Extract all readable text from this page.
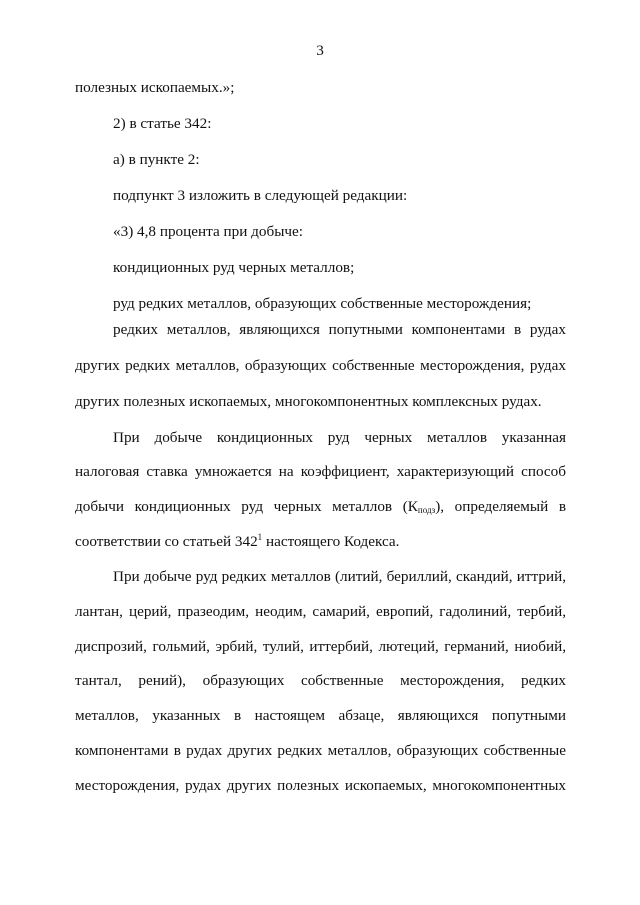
3
полезных ископаемых.»;
2) в статье 342:
а) в пункте 2:
подпункт 3 изложить в следующей редакции:
«3) 4,8 процента при добыче:
кондиционных руд черных металлов;
руд редких металлов, образующих собственные месторождения;
редких металлов, являющихся попутными компонентами в рудах
других редких металлов, образующих собственные месторождения, рудах
других полезных ископаемых, многокомпонентных комплексных рудах.
При добыче кондиционных руд черных металлов указанная
налоговая ставка умножается на коэффициент, характеризующий способ
добычи кондиционных руд черных металлов $(К_{подз})$, определяемый в
соответствии со статьей $342^1$ настоящего Кодекса.
При добыче руд редких металлов (литий, бериллий, скандий, иттрий,
лантан, церий, празеодим, неодим, самарий, европий, гадолиний, тербий,
диспрозий, гольмий, эрбий, тулий, иттербий, лютеций, германий, ниобий,
тантал, рений), образующих собственные месторождения, редких
металлов, указанных в настоящем абзаце, являющихся попутными
компонентами в рудах других редких металлов, образующих собственные
месторождения, рудах других полезных ископаемых, многокомпонентных
